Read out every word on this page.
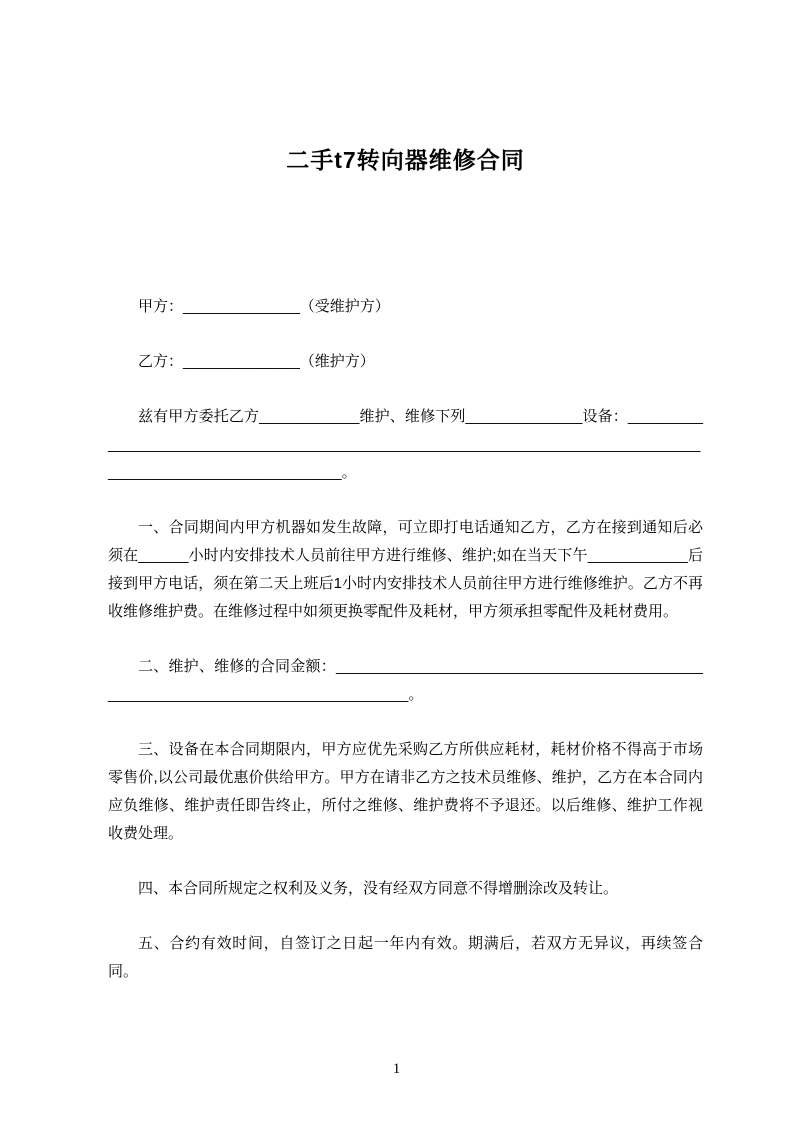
二手t7转向器维修合同

甲方：______________（受维护方）

乙方：______________（维护方）

兹有甲方委托乙方____________维护、维修下列______________设备：____________________________________________________________________________________________________________。

一、合同期间内甲方机器如发生故障，可立即打电话通知乙方，乙方在接到通知后必须在______小时内安排技术人员前往甲方进行维修、维护;如在当天下午____________后接到甲方电话，须在第二天上班后1小时内安排技术人员前往甲方进行维修维护。乙方不再收维修维护费。在维修过程中如须更换零配件及耗材，甲方须承担零配件及耗材费用。

二、维护、维修的合同金额：________________________________________________________________________________。

三、设备在本合同期限内，甲方应优先采购乙方所供应耗材，耗材价格不得高于市场零售价,以公司最优惠价供给甲方。甲方在请非乙方之技术员维修、维护，乙方在本合同内应负维修、维护责任即告终止，所付之维修、维护费将不予退还。以后维修、维护工作视收费处理。

四、本合同所规定之权利及义务，没有经双方同意不得增删涂改及转让。

五、合约有效时间，自签订之日起一年内有效。期满后，若双方无异议，再续签合同。

1
